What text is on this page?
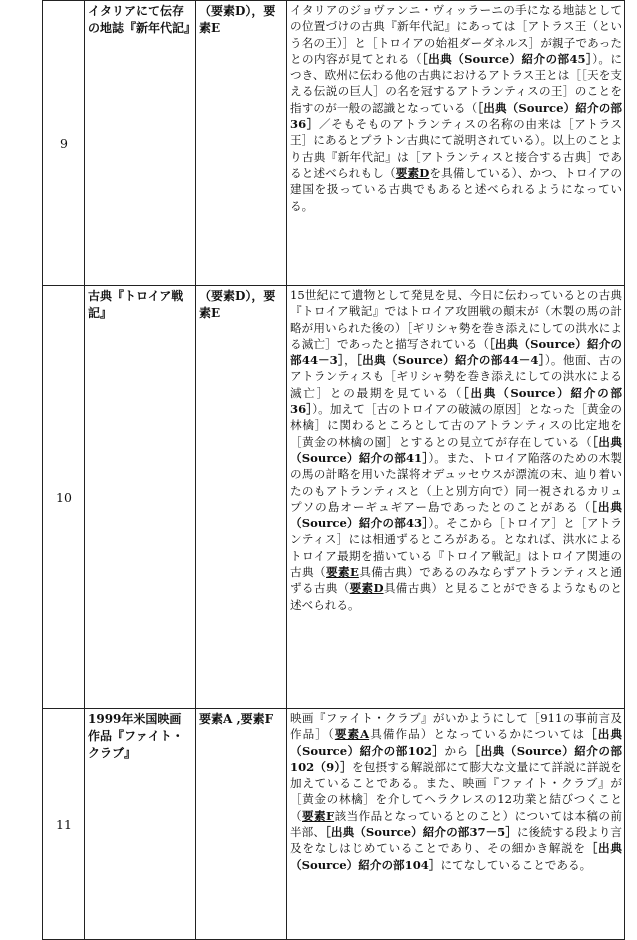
9	イタリアにて伝存の地誌『新年代記』	（要素D），要素E	イタリアのジョヴァンニ・ヴィッラーニの手になる地誌としての位置づけの古典『新年代記』にあっては［アトラス王（という名の王）］と［トロイアの始祖ダーダネルス］が親子であったとの内容が見てとれる（［出典（Source）紹介の部45］）。につき、欧州に伝わる他の古典におけるアトラス王とは［［天を支える伝説の巨人］の名を冠するアトランティスの王］のことを指すのが一般の認識となっている（［出典（Source）紹介の部36］／そもそものアトランティスの名称の由来は［アトラス王］にあるとプラトン古典にて説明されている）。以上のことより古典『新年代記』は［アトランティスと接合する古典］であると述べられもし（要素Dを具備している）、かつ、トロイアの建国を扱っている古典でもあると述べられるようになっている。
10	古典『トロイア戦記』	（要素D），要素E	15世紀にて遺物として発見を見、今日に伝わっているとの古典『トロイア戦記』ではトロイア攻囲戦の顛末が（木製の馬の計略が用いられた後の）［ギリシャ勢を巻き添えにしての洪水による滅亡］であったと描写されている（［出典（Source）紹介の部44－3］，［出典（Source）紹介の部44－4］）。他面、古のアトランティスも［ギリシャ勢を巻き添えにしての洪水による滅亡］との最期を見ている（［出典（Source）紹介の部36］）。加えて［古のトロイアの破滅の原因］となった［黄金の林檎］に関わるところとして古のアトランティスの比定地を［黄金の林檎の園］とするとの見立てが存在している（［出典（Source）紹介の部41］）。また、トロイア陥落のための木製の馬の計略を用いた謀将オデュッセウスが漂流の末、辿り着いたのもアトランティスと（上と別方向で）同一視されるカリュプソの島オーギュギアー島であったとのことがある（［出典（Source）紹介の部43］）。そこから［トロイア］と［アトランティス］には相通ずるところがある。となれば、洪水によるトロイア最期を描いている『トロイア戦記』はトロイア関連の古典（要素E具備古典）であるのみならずアトランティスと通ずる古典（要素D具備古典）と見ることができるようなものと述べられる。
11	1999年米国映画作品『ファイト・クラブ』	要素A ,要素F	映画『ファイト・クラブ』がいかようにして［911の事前言及作品］（要素A具備作品）となっているかについては［出典（Source）紹介の部102］から［出典（Source）紹介の部102（9）］を包摂する解説部にて膨大な文量にて詳説に詳説を加えていることである。また、映画『ファイト・クラブ』が［黄金の林檎］を介してヘラクレスの12功業と結びつくこと（要素F該当作品となっているとのこと）については本稿の前半部、［出典（Source）紹介の部37－5］に後続する段より言及をなしはじめていることであり、その細かき解説を［出典（Source）紹介の部104］にてなしていることである。
